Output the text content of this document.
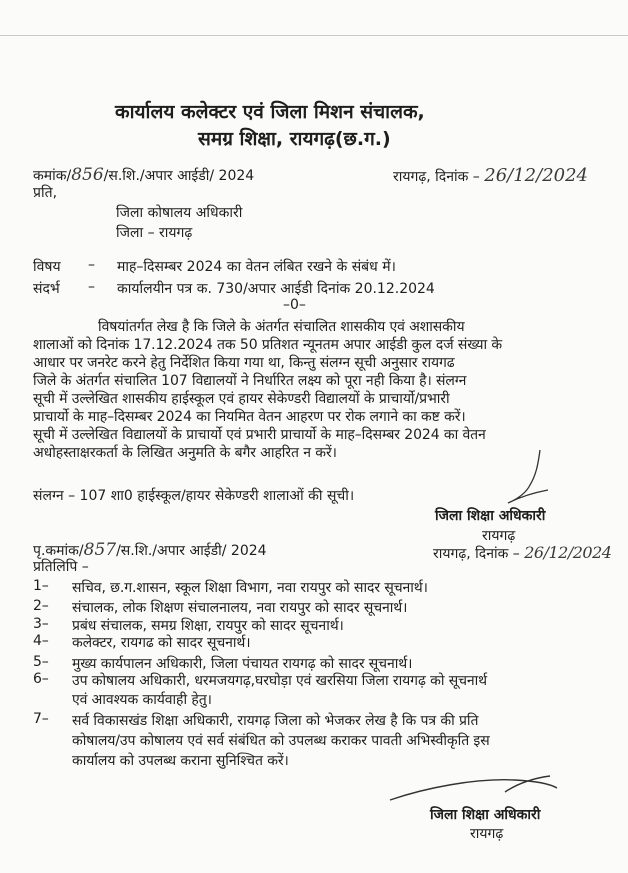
कार्यालय कलेक्टर एवं जिला मिशन संचालक,
समग्र शिक्षा, रायगढ़(छ.ग.)
कमांक/856/स.शि./अपार आईडी/ 2024	रायगढ़, दिनांक – 26/12/2024
प्रति,
जिला कोषालय अधिकारी
जिला – रायगढ़
विषय – माह–दिसम्बर 2024 का वेतन लंबित रखने के संबंध में।
संदर्भ – कार्यालयीन पत्र क. 730/अपार आईडी दिनांक 20.12.2024
–0–
विषयांतर्गत लेख है कि जिले के अंतर्गत संचालित शासकीय एवं अशासकीय
शालाओं को दिनांक 17.12.2024 तक 50 प्रतिशत न्यूनतम अपार आईडी कुल दर्ज संख्या के
आधार पर जनरेट करने हेतु निर्देशित किया गया था, किन्तु संलग्न सूची अनुसार रायगढ
जिले के अंतर्गत संचालित 107 विद्यालयों ने निर्धारित लक्ष्य को पूरा नही किया है। संलग्न
सूची में उल्लेखित शासकीय हाईस्कूल एवं हायर सेकेण्डरी विद्यालयों के प्राचार्यो/प्रभारी
प्राचार्यो के माह–दिसम्बर 2024 का नियमित वेतन आहरण पर रोक लगाने का कष्ट करें।
सूची में उल्लेखित विद्यालयों के प्राचार्यो एवं प्रभारी प्राचार्यो के माह–दिसम्बर 2024 का वेतन
अधोहस्ताक्षरकर्ता के लिखित अनुमति के बगैर आहरित न करें।
संलग्न – 107 शा0 हाईस्कूल/हायर सेकेण्डरी शालाओं की सूची।
जिला शिक्षा अधिकारी
रायगढ़
पृ.कमांक/857/स.शि./अपार आईडी/ 2024	रायगढ़, दिनांक – 26/12/2024
प्रतिलिपि –
1– सचिव, छ.ग.शासन, स्कूल शिक्षा विभाग, नवा रायपुर को सादर सूचनार्थ।
2– संचालक, लोक शिक्षण संचालनालय, नवा रायपुर को सादर सूचनार्थ।
3– प्रबंध संचालक, समग्र शिक्षा, रायपुर को सादर सूचनार्थ।
4– कलेक्टर, रायगढ को सादर सूचनार्थ।
5– मुख्य कार्यपालन अधिकारी, जिला पंचायत रायगढ़ को सादर सूचनार्थ।
6– उप कोषालय अधिकारी, धरमजयगढ़,घरघोड़ा एवं खरसिया जिला रायगढ़ को सूचनार्थ
एवं आवश्यक कार्यवाही हेतु।
7– सर्व विकासखंड शिक्षा अधिकारी, रायगढ़ जिला को भेजकर लेख है कि पत्र की प्रति
कोषालय/उप कोषालय एवं सर्व संबंधित को उपलब्ध कराकर पावती अभिस्वीकृति इस
कार्यालय को उपलब्ध कराना सुनिश्चित करें।
जिला शिक्षा अधिकारी
रायगढ़
